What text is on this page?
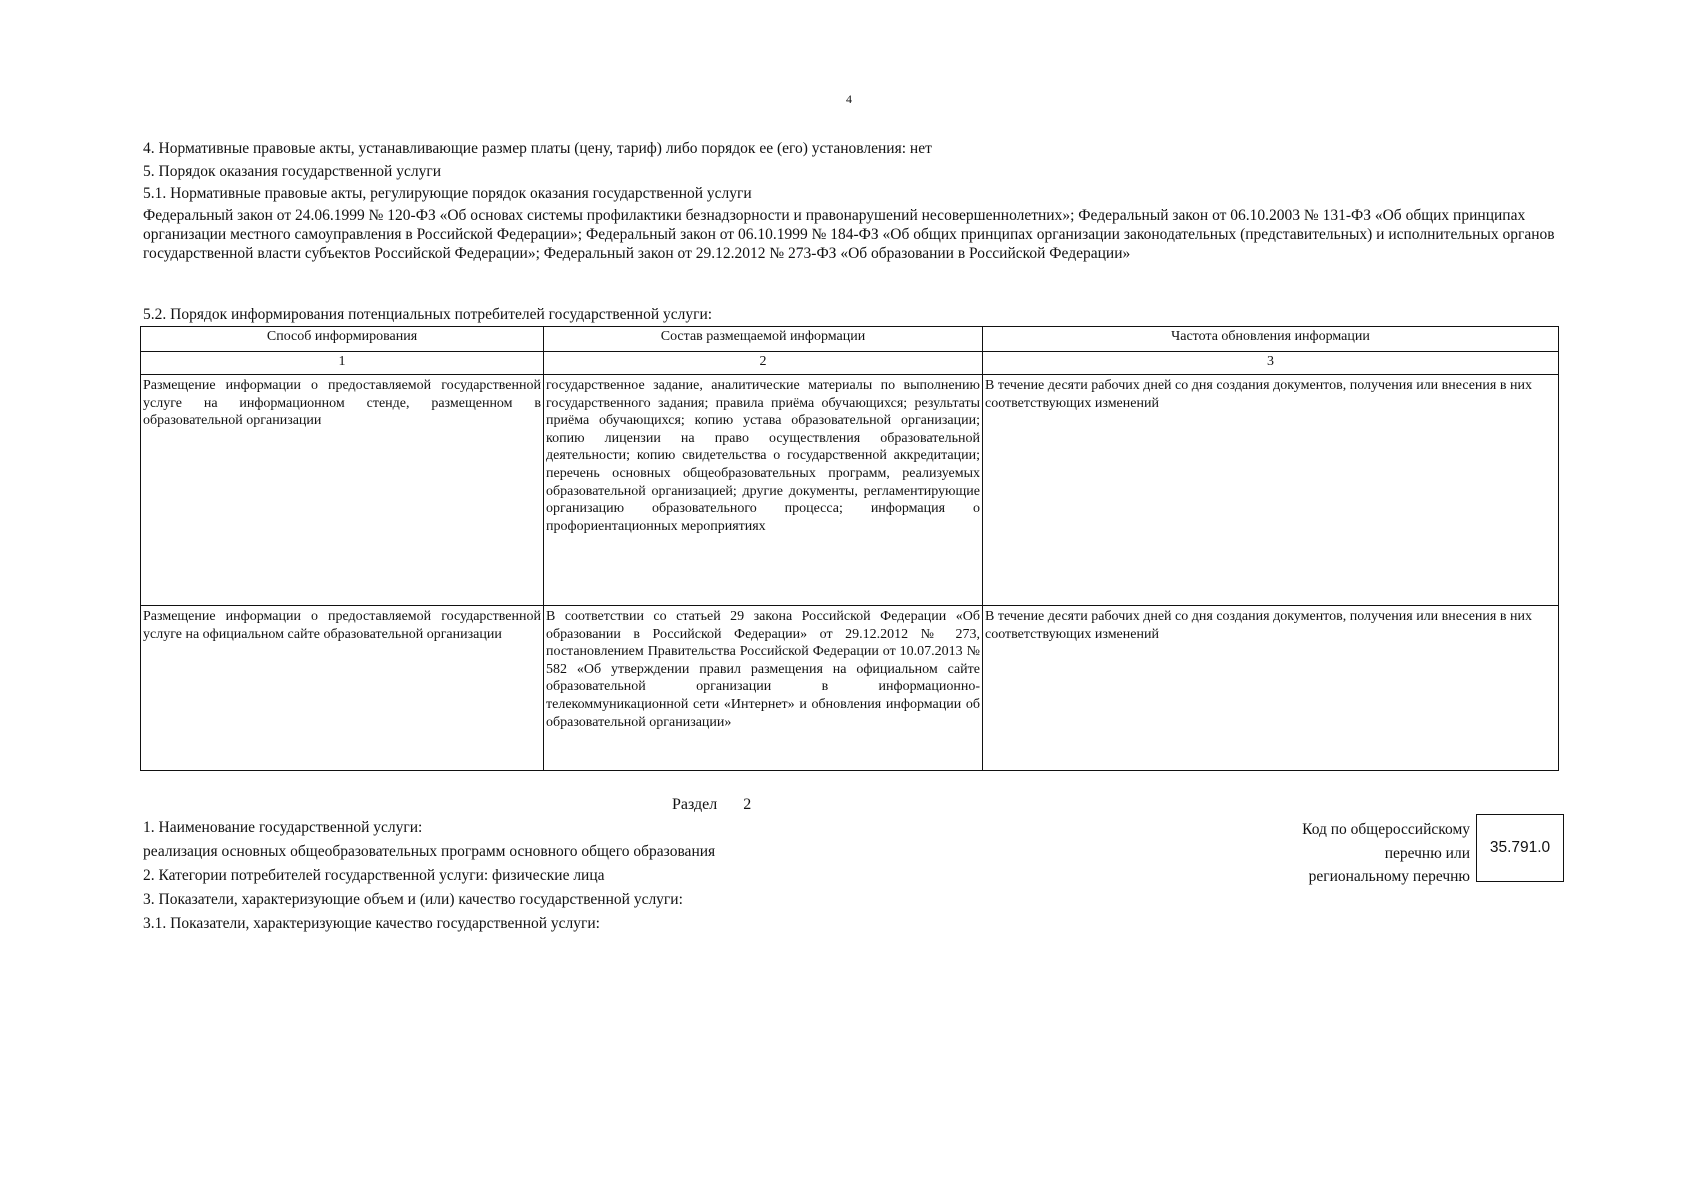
4
4. Нормативные правовые акты, устанавливающие размер платы (цену, тариф) либо порядок ее (его) установления: нет
5. Порядок оказания государственной услуги
5.1. Нормативные правовые акты, регулирующие порядок оказания государственной услуги
Федеральный закон от 24.06.1999 № 120-ФЗ «Об основах системы профилактики безнадзорности и правонарушений несовершеннолетних»; Федеральный закон от 06.10.2003 № 131-ФЗ «Об общих принципах организации местного самоуправления в Российской Федерации»; Федеральный закон от 06.10.1999 № 184-ФЗ «Об общих принципах организации законодательных (представительных) и исполнительных органов государственной власти субъектов Российской Федерации»; Федеральный закон от 29.12.2012 № 273-ФЗ «Об образовании в Российской Федерации»
5.2. Порядок информирования потенциальных потребителей государственной услуги:
Способ информирования	Состав размещаемой информации	Частота обновления информации
1	2	3
Размещение информации о предоставляемой государственной услуге на информационном стенде, размещенном в образовательной организации	государственное задание, аналитические материалы по выполнению государственного задания; правила приёма обучающихся; результаты приёма обучающихся; копию устава образовательной организации; копию лицензии на право осуществления образовательной деятельности; копию свидетельства о государственной аккредитации; перечень основных общеобразовательных программ, реализуемых образовательной организацией; другие документы, регламентирующие организацию образовательного процесса; информация о профориентационных мероприятиях	В течение десяти рабочих дней со дня создания документов, получения или внесения в них соответствующих изменений
Размещение информации о предоставляемой государственной услуге на официальном сайте образовательной организации	В соответствии со статьей 29 закона Российской Федерации «Об образовании в Российской Федерации» от 29.12.2012 № 273, постановлением Правительства Российской Федерации от 10.07.2013 № 582 «Об утверждении правил размещения на официальном сайте образовательной организации в информационно-телекоммуникационной сети «Интернет» и обновления информации об образовательной организации»	В течение десяти рабочих дней со дня создания документов, получения или внесения в них соответствующих изменений
Раздел 2
1. Наименование государственной услуги:
реализация основных общеобразовательных программ основного общего образования
2. Категории потребителей государственной услуги: физические лица
3. Показатели, характеризующие объем и (или) качество государственной услуги:
3.1. Показатели, характеризующие качество государственной услуги:
Код по общероссийскому
перечню или
региональному перечню
35.791.0
